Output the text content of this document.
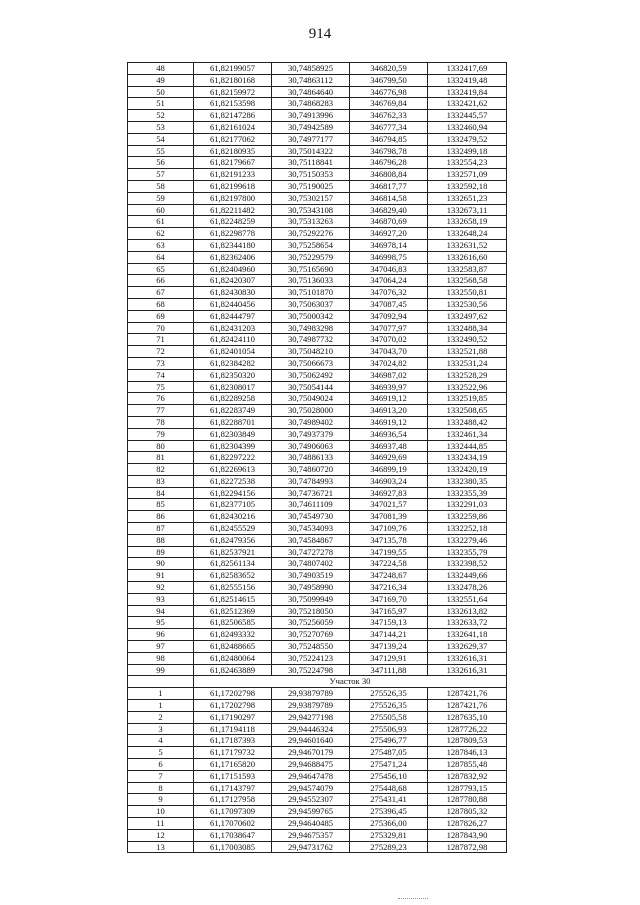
914
48	61,82199057	30,74858925	346820,59	1332417,69
49	61,82180168	30,74863112	346799,50	1332419,48
50	61,82159972	30,74864640	346776,98	1332419,84
51	61,82153598	30,74868283	346769,84	1332421,62
52	61,82147286	30,74913996	346762,33	1332445,57
53	61,82161024	30,74942589	346777,34	1332460,94
54	61,82177062	30,74977177	346794,85	1332479,52
55	61,82180935	30,75014322	346798,78	1332499,18
56	61,82179667	30,75118841	346796,28	1332554,23
57	61,82191233	30,75150353	346808,84	1332571,09
58	61,82199618	30,75190025	346817,77	1332592,18
59	61,82197800	30,75302157	346814,58	1332651,23
60	61,82211482	30,75343108	346829,40	1332673,11
61	61,82248259	30,75313263	346870,69	1332658,19
62	61,82298778	30,75292276	346927,20	1332648,24
63	61,82344180	30,75258654	346978,14	1332631,52
64	61,82362406	30,75229579	346998,75	1332616,60
65	61,82404960	30,75165690	347046,83	1332583,87
66	61,82420307	30,75136033	347064,24	1332568,58
67	61,82430830	30,75101870	347076,32	1332550,81
68	61,82440456	30,75063037	347087,45	1332530,56
69	61,82444797	30,75000342	347092,94	1332497,62
70	61,82431203	30,74983298	347077,97	1332488,34
71	61,82424110	30,74987732	347070,02	1332490,52
72	61,82401054	30,75048210	347043,70	1332521,88
73	61,82384282	30,75066673	347024,82	1332531,24
74	61,82350320	30,75062492	346987,02	1332528,29
75	61,82308017	30,75054144	346939,97	1332522,96
76	61,82289258	30,75049024	346919,12	1332519,85
77	61,82283749	30,75028000	346913,20	1332508,65
78	61,82288701	30,74989402	346919,12	1332488,42
79	61,82303849	30,74937379	346936,54	1332461,34
80	61,82304399	30,74906063	346937,48	1332444,85
81	61,82297222	30,74886133	346929,69	1332434,19
82	61,82269613	30,74860720	346899,19	1332420,19
83	61,82272538	30,74784993	346903,24	1332380,35
84	61,82294156	30,74736721	346927,83	1332355,39
85	61,82377105	30,74611109	347021,57	1332291,03
86	61,82430216	30,74549730	347081,39	1332259,86
87	61,82455529	30,74534093	347109,76	1332252,18
88	61,82479356	30,74584867	347135,78	1332279,46
89	61,82537921	30,74727278	347199,55	1332355,79
90	61,82561134	30,74807402	347224,58	1332398,52
91	61,82583652	30,74903519	347248,67	1332449,66
92	61,82555156	30,74958990	347216,34	1332478,26
93	61,82514615	30,75099949	347169,70	1332551,64
94	61,82512369	30,75218050	347165,97	1332613,82
95	61,82506585	30,75256059	347159,13	1332633,72
96	61,82493332	30,75270769	347144,21	1332641,18
97	61,82488665	30,75248550	347139,24	1332629,37
98	61,82480064	30,75224123	347129,91	1332616,31
99	61,82463889	30,75224798	347111,88	1332616,31
	Участок 30			
1	61,17202798	29,93879789	275526,35	1287421,76
1	61,17202798	29,93879789	275526,35	1287421,76
2	61,17190297	29,94277198	275505,58	1287635,10
3	61,17194118	29,94446324	275506,93	1287726,22
4	61,17187393	29,94601640	275496,77	1287809,53
5	61,17179732	29,94670179	275487,05	1287846,13
6	61,17165820	29,94688475	275471,24	1287855,48
7	61,17151593	29,94647478	275456,10	1287832,92
8	61,17143797	29,94574079	275448,68	1287793,15
9	61,17127958	29,94552307	275431,41	1287780,88
10	61,17097309	29,94599765	275396,45	1287805,32
11	61,17070602	29,94640485	275366,00	1287826,27
12	61,17038647	29,94675357	275329,81	1287843,90
13	61,17003085	29,94731762	275289,23	1287872,98
